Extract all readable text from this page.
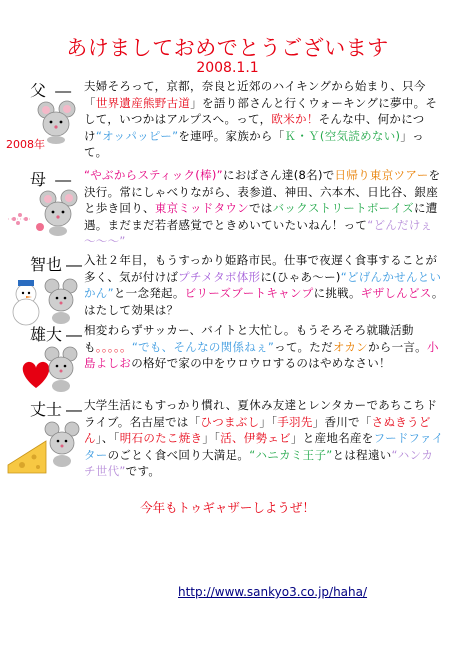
あけましておめでとうございます
2008.1.1
父 ―
2008年
夫婦そろって，京都，奈良と近郊のハイキングから始まり、只今「世界遺産熊野古道」を語り部さんと行くウォーキングに夢中。そして，いつかはアルプスへ。って，欧米か！そんな中、何かにつけ“オッパッピー”を連呼。家族から「Ｋ・Ｙ(空気読めない)」って。
母 ― “やぶからスティック(棒)”におばさん達(8名)で日帰り東京ツアーを決行。常にしゃべりながら、表参道、神田、六本木、日比谷、銀座と歩き回り、東京ミッドタウンではバックストリートボーイズに遭遇。まだまだ若者感覚でときめいていたいねん！って“どんだけぇ～～～”
智也 ― 入社２年目，もうすっかり姫路市民。仕事で夜遅く食事することが多く、気が付けばプチメタボ体形に(ひゃあ～ー)“どげんかせんといかん”と一念発起。ビリーズブートキャンプに挑戦。ギザしんどス。はたして効果は？
雄大 ― 相変わらずサッカー、バイトと大忙し。もうそろそろ就職活動も。。。。。“でも、そんなの関係ねぇ”って。ただオカンから一言。小島よしおの格好で家の中をウロウロするのはやめなさい！
丈士 ― 大学生活にもすっかり慣れ、夏休み友達とレンタカーであちこちドライブ。名古屋では「ひつまぶし」「手羽先」香川で「さぬきうどん」、「明石のたこ焼き」「活、伊勢ェビ」と産地名産をフードファイターのごとく食べ回り大満足。“ハニカミ王子”とは程遠い“ハンカチ世代”です。
今年もトゥギャザーしようぜ！
http://www.sankyo3.co.jp/haha/
